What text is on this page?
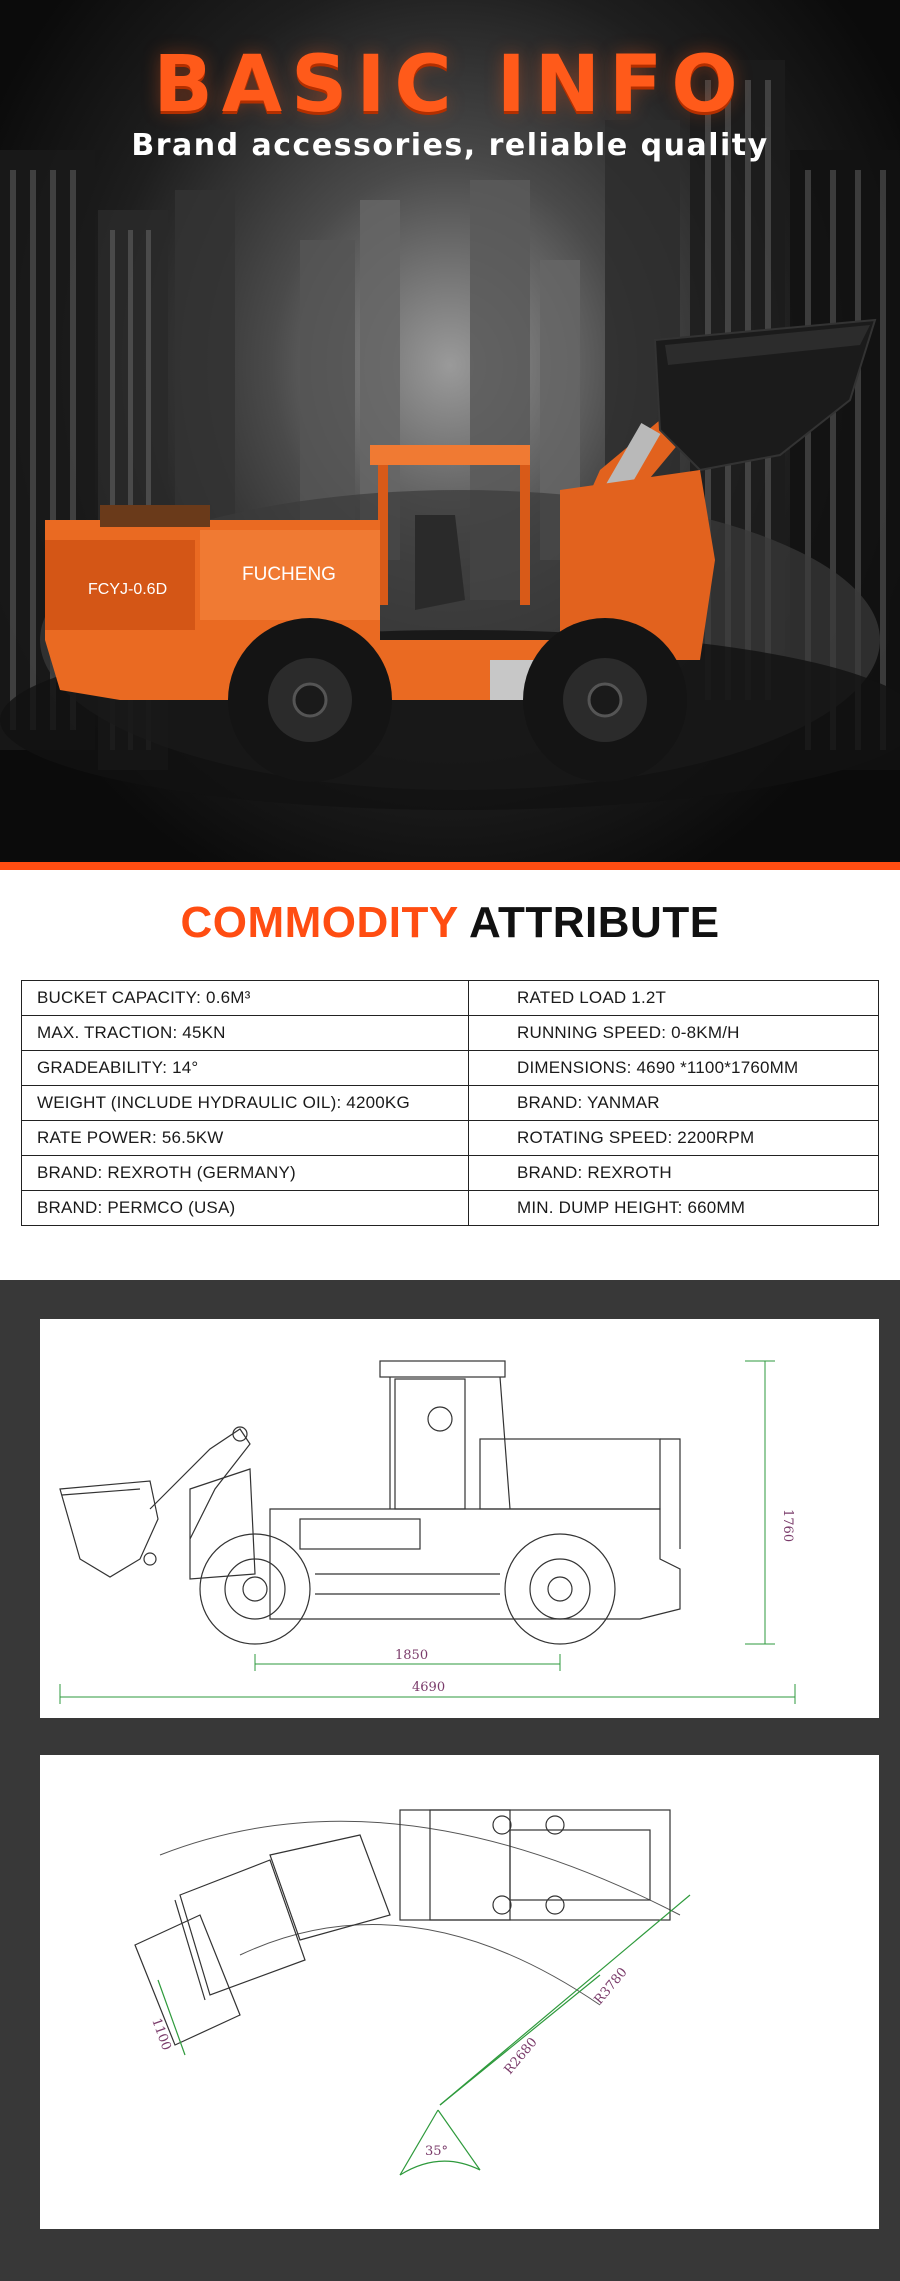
FUCHENG
FCYJ-0.6D
BASIC INFO
Brand accessories, reliable quality
COMMODITY ATTRIBUTE
BUCKET CAPACITY: 0.6M³	RATED LOAD 1.2T
MAX. TRACTION: 45KN	RUNNING SPEED: 0-8KM/H
GRADEABILITY: 14°	DIMENSIONS: 4690 *1100*1760MM
WEIGHT (INCLUDE HYDRAULIC OIL): 4200KG	BRAND: YANMAR
RATE POWER: 56.5KW	ROTATING SPEED: 2200RPM
BRAND: REXROTH (GERMANY)	BRAND: REXROTH
BRAND: PERMCO (USA)	MIN. DUMP HEIGHT: 660MM
1760
1850
4690
35°
R2680
R3780
1100
